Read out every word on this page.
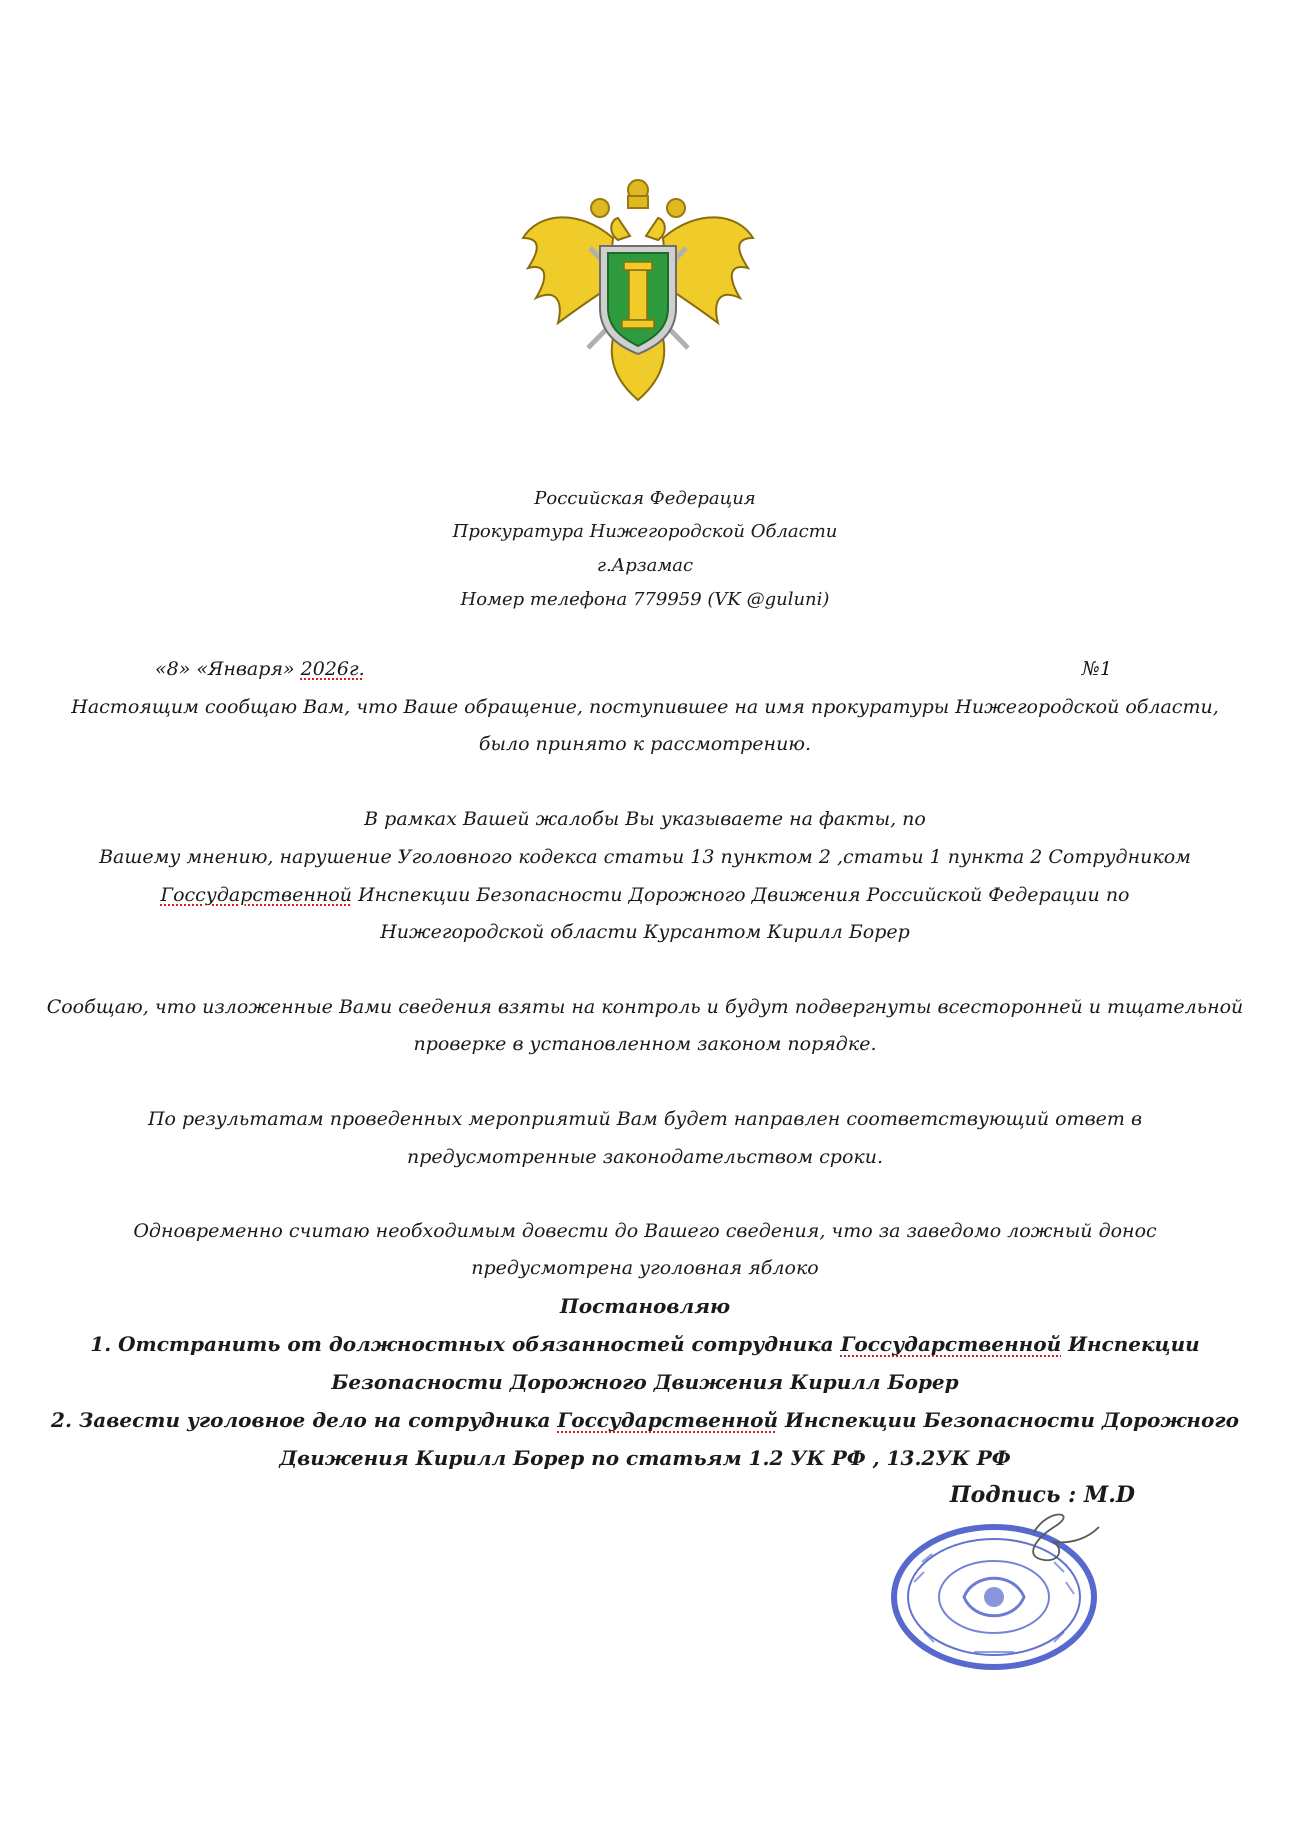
Российская Федерация
Прокуратура Нижегородской Области
г.Арзамас
Номер телефона 779959 (VK @guluni)
«8» «Января» 2026г.	№1
Настоящим сообщаю Вам, что Ваше обращение, поступившее на имя прокуратуры Нижегородской области,
было принято к рассмотрению.
В рамках Вашей жалобы Вы указываете на факты, по
Вашему мнению, нарушение Уголовного кодекса статьи 13 пунктом 2 ,статьи 1 пункта 2 Сотрудником
Госсударственной Инспекции Безопасности Дорожного Движения Российской Федерации по
Нижегородской области Курсантом Кирилл Борер
Сообщаю, что изложенные Вами сведения взяты на контроль и будут подвергнуты всесторонней и тщательной
проверке в установленном законом порядке.
По результатам проведенных мероприятий Вам будет направлен соответствующий ответ в
предусмотренные законодательством сроки.
Одновременно считаю необходимым довести до Вашего сведения, что за заведомо ложный донос
предусмотрена уголовная яблоко
Постановляю
1. Отстранить от должностных обязанностей сотрудника Госсударственной Инспекции
Безопасности Дорожного Движения Кирилл Борер
2. Завести уголовное дело на сотрудника Госсударственной Инспекции Безопасности Дорожного
Движения Кирилл Борер по статьям 1.2 УК РФ , 13.2УК РФ
Подпись : M.D
